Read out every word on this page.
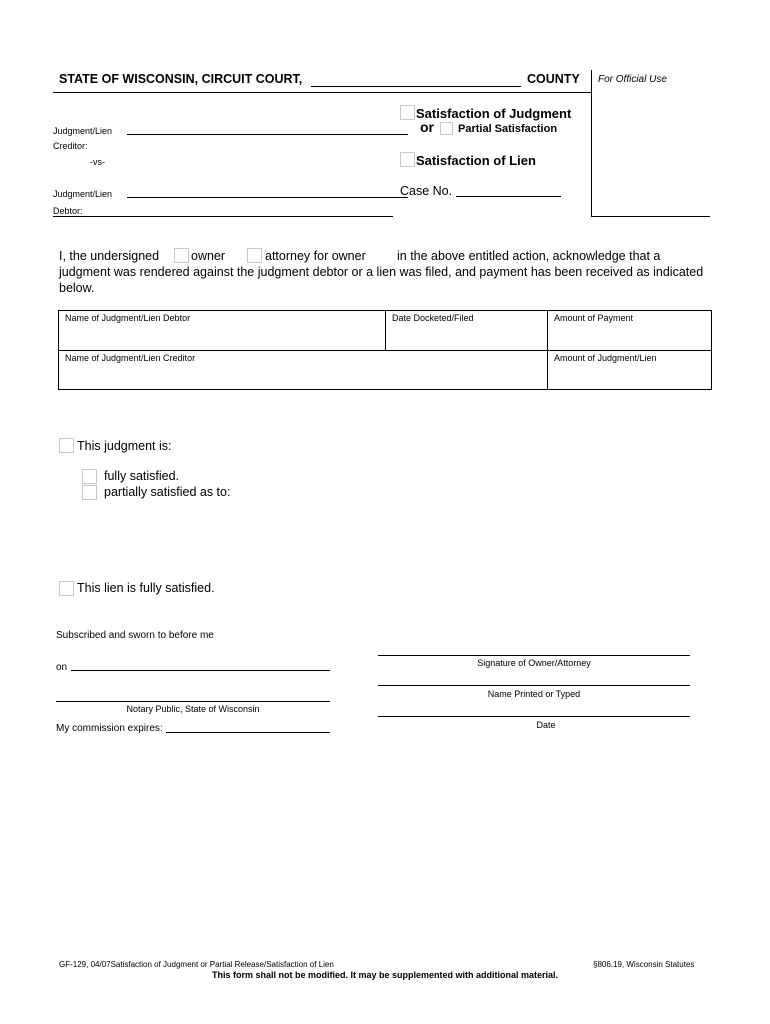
STATE OF WISCONSIN, CIRCUIT COURT,	COUNTY For Official Use
Judgment/Lien
Creditor:
-vs-
Judgment/Lien
Debtor:
Satisfaction of Judgment
or Partial Satisfaction
Satisfaction of Lien
Case No.
I, the undersigned	owner	attorney for owner	in the above entitled action, acknowledge that a
judgment was rendered against the judgment debtor or a lien was filed, and payment has been received as indicated
below.
Name of Judgment/Lien Debtor	Date Docketed/Filed	Amount of Payment
Name of Judgment/Lien Creditor	Amount of Judgment/Lien
This judgment is:
fully satisfied.
partially satisfied as to:
This lien is fully satisfied.
Subscribed and sworn to before me
on
Notary Public, State of Wisconsin
My commission expires:
Signature of Owner/Attorney
Name Printed or Typed
Date
GF-129, 04/07Satisfaction of Judgment or Partial Release/Satisfaction of Lien	§806.19, Wisconsin Statutes
This form shall not be modified. It may be supplemented with additional material.
